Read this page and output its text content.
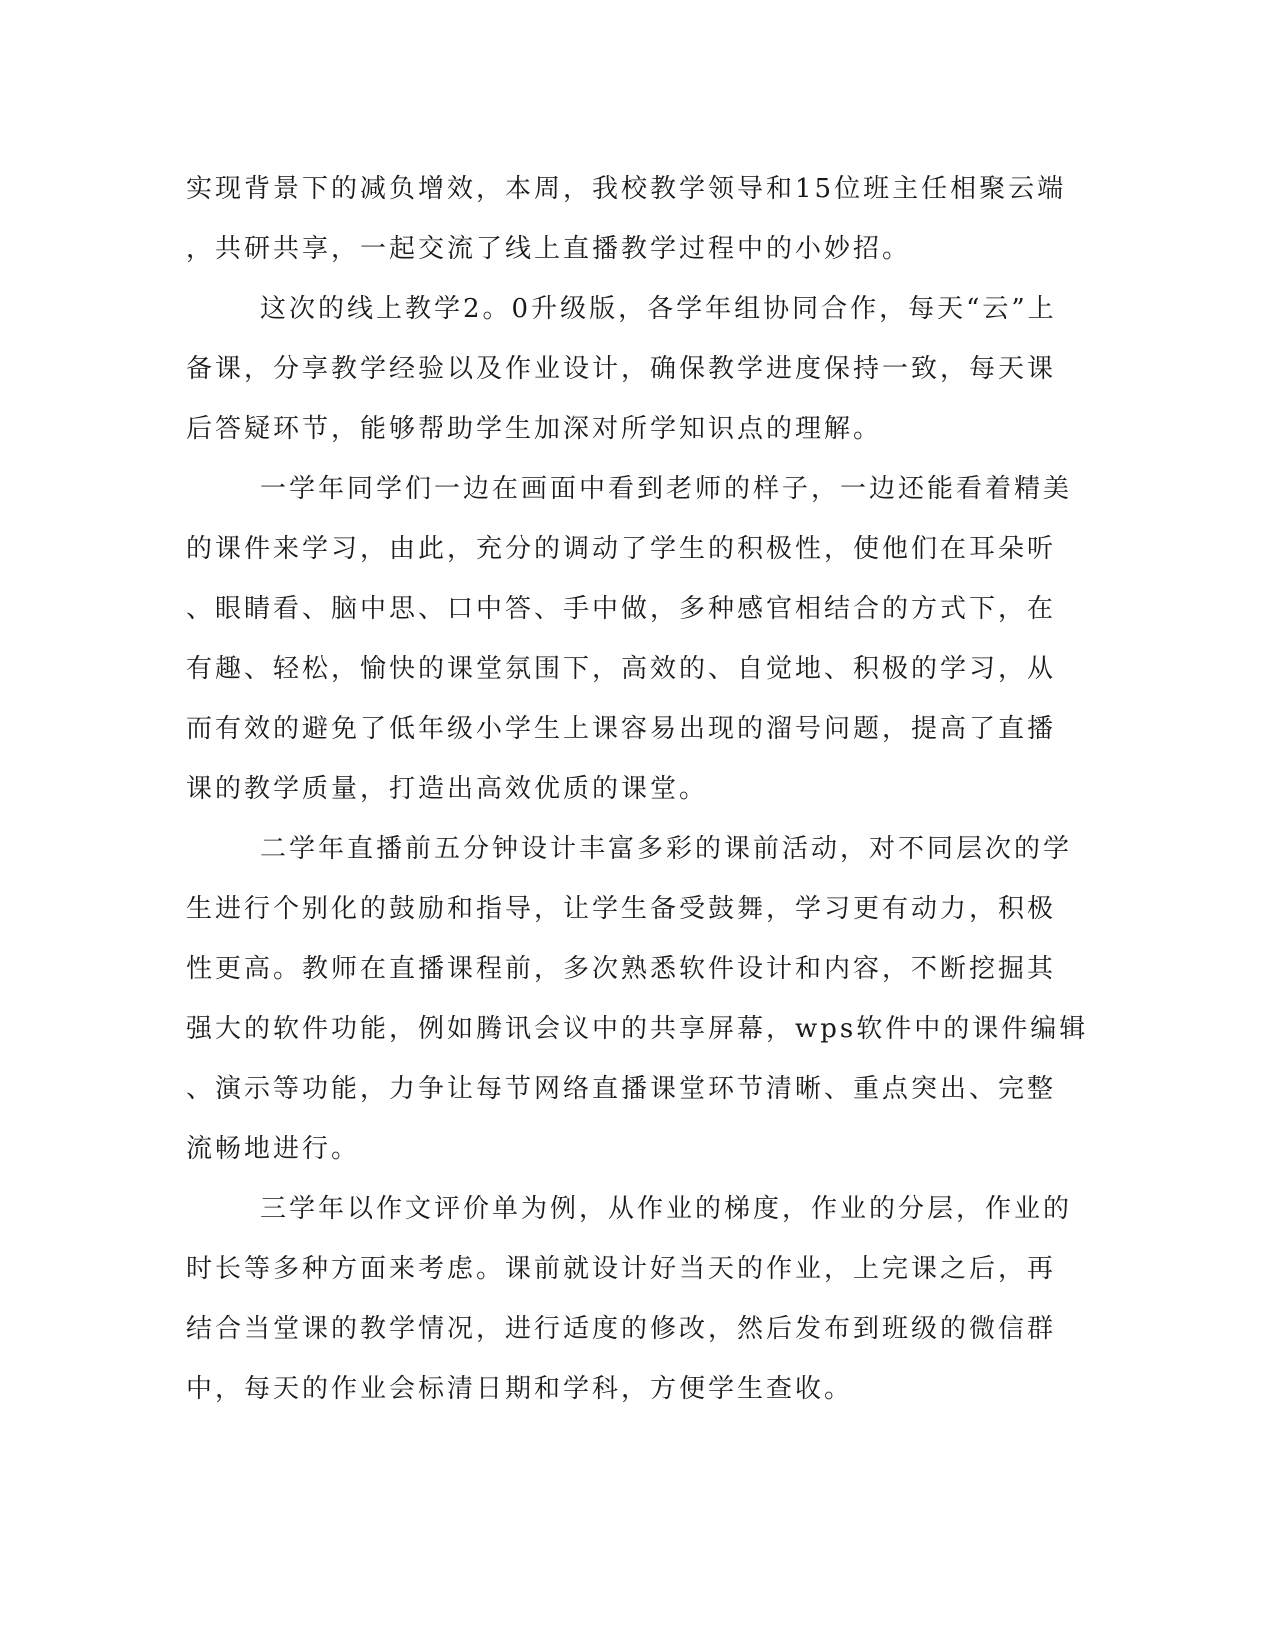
实现背景下的减负增效，本周，我校教学领导和15位班主任相聚云端
，共研共享，一起交流了线上直播教学过程中的小妙招。
这次的线上教学2。0升级版，各学年组协同合作，每天“云”上
备课，分享教学经验以及作业设计，确保教学进度保持一致，每天课
后答疑环节，能够帮助学生加深对所学知识点的理解。
一学年同学们一边在画面中看到老师的样子，一边还能看着精美
的课件来学习，由此，充分的调动了学生的积极性，使他们在耳朵听
、眼睛看、脑中思、口中答、手中做，多种感官相结合的方式下，在
有趣、轻松，愉快的课堂氛围下，高效的、自觉地、积极的学习，从
而有效的避免了低年级小学生上课容易出现的溜号问题，提高了直播
课的教学质量，打造出高效优质的课堂。
二学年直播前五分钟设计丰富多彩的课前活动，对不同层次的学
生进行个别化的鼓励和指导，让学生备受鼓舞，学习更有动力，积极
性更高。教师在直播课程前，多次熟悉软件设计和内容，不断挖掘其
强大的软件功能，例如腾讯会议中的共享屏幕，wps软件中的课件编辑
、演示等功能，力争让每节网络直播课堂环节清晰、重点突出、完整
流畅地进行。
三学年以作文评价单为例，从作业的梯度，作业的分层，作业的
时长等多种方面来考虑。课前就设计好当天的作业，上完课之后，再
结合当堂课的教学情况，进行适度的修改，然后发布到班级的微信群
中，每天的作业会标清日期和学科，方便学生查收。
